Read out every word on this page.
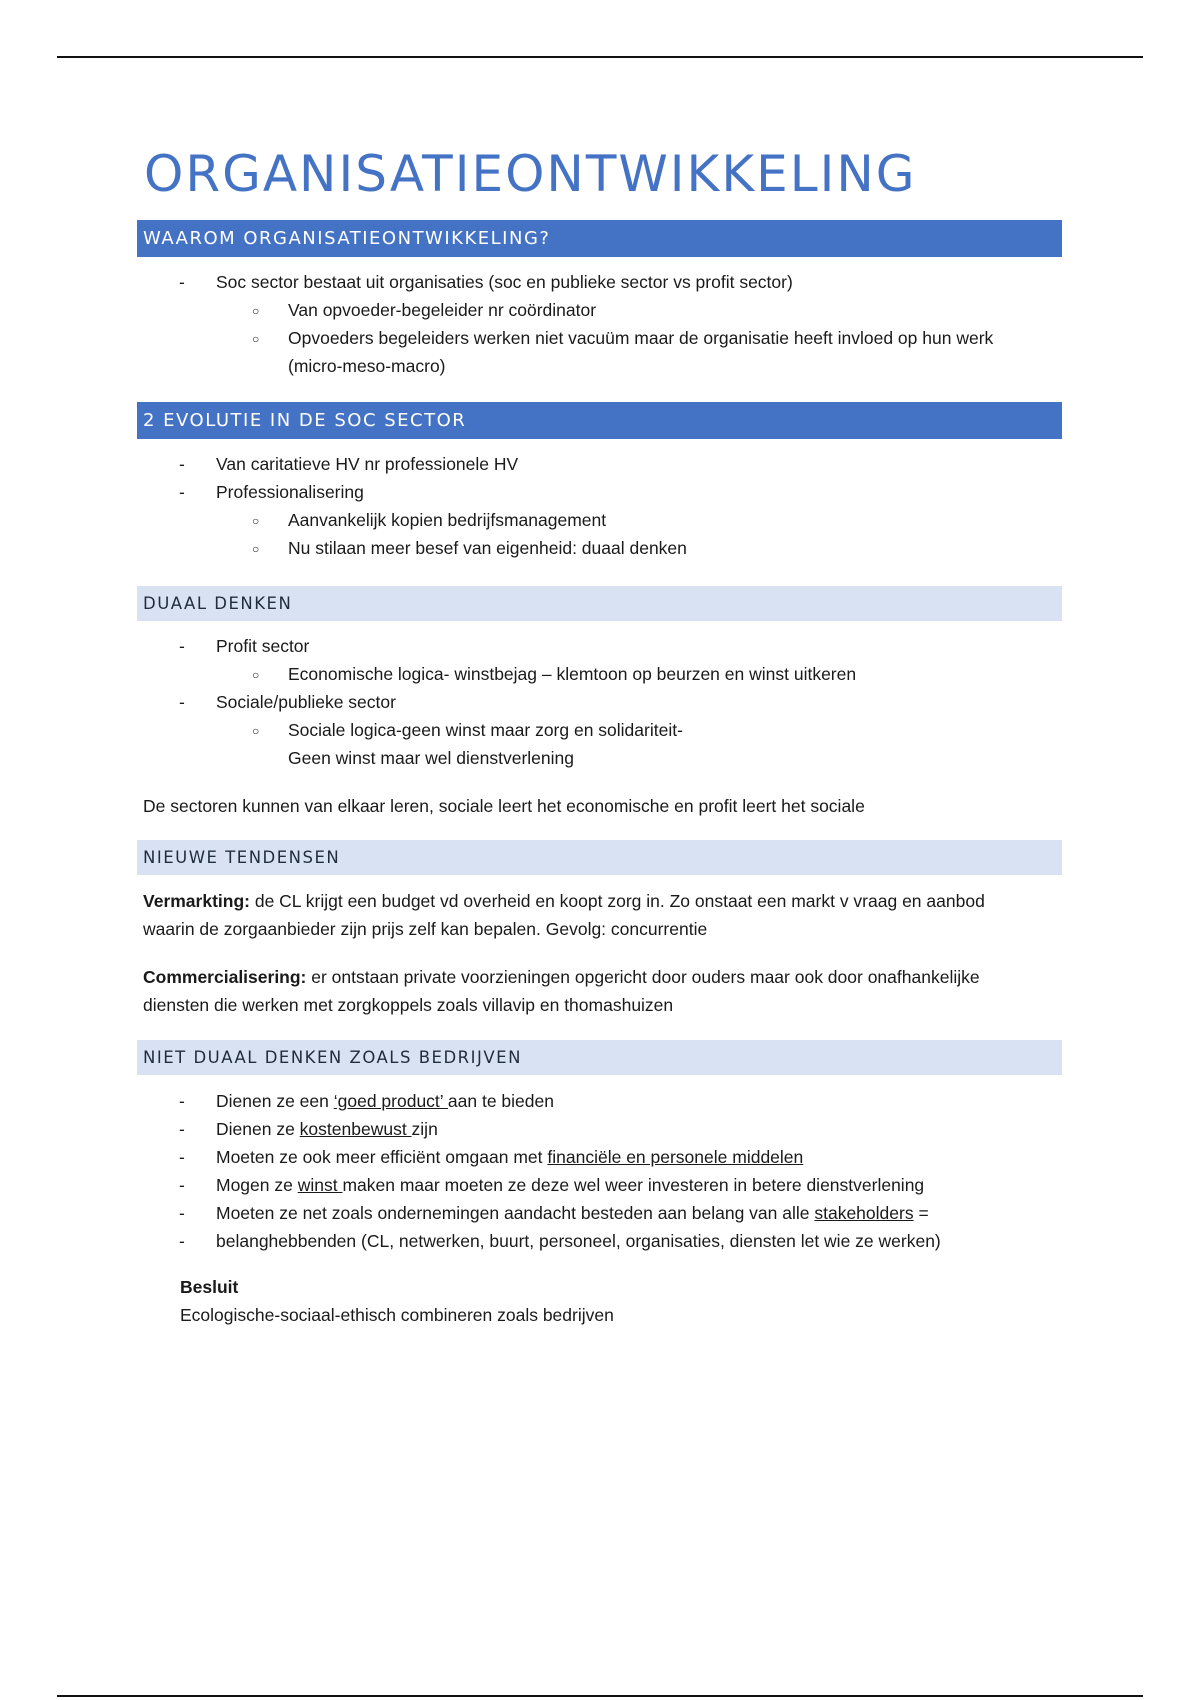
ORGANISATIEONTWIKKELING
WAAROM ORGANISATIEONTWIKKELING?
- Soc sector bestaat uit organisaties (soc en publieke sector vs profit sector)
○ Van opvoeder-begeleider nr coördinator
○ Opvoeders begeleiders werken niet vacuüm maar de organisatie heeft invloed op hun werk
(micro-meso-macro)
2 EVOLUTIE IN DE SOC SECTOR
- Van caritatieve HV nr professionele HV
- Professionalisering
○ Aanvankelijk kopien bedrijfsmanagement
○ Nu stilaan meer besef van eigenheid: duaal denken
DUAAL DENKEN
- Profit sector
○ Economische logica- winstbejag – klemtoon op beurzen en winst uitkeren
- Sociale/publieke sector
○ Sociale logica-geen winst maar zorg en solidariteit-
Geen winst maar wel dienstverlening
De sectoren kunnen van elkaar leren, sociale leert het economische en profit leert het sociale
NIEUWE TENDENSEN
Vermarkting: de CL krijgt een budget vd overheid en koopt zorg in. Zo onstaat een markt v vraag en aanbod
waarin de zorgaanbieder zijn prijs zelf kan bepalen. Gevolg: concurrentie
Commercialisering: er ontstaan private voorzieningen opgericht door ouders maar ook door onafhankelijke
diensten die werken met zorgkoppels zoals villavip en thomashuizen
NIET DUAAL DENKEN ZOALS BEDRIJVEN
- Dienen ze een ‘goed product’ aan te bieden
- Dienen ze kostenbewust zijn
- Moeten ze ook meer efficiënt omgaan met financiële en personele middelen
- Mogen ze winst maken maar moeten ze deze wel weer investeren in betere dienstverlening
- Moeten ze net zoals ondernemingen aandacht besteden aan belang van alle stakeholders =
- belanghebbenden (CL, netwerken, buurt, personeel, organisaties, diensten let wie ze werken)
Besluit
Ecologische-sociaal-ethisch combineren zoals bedrijven
